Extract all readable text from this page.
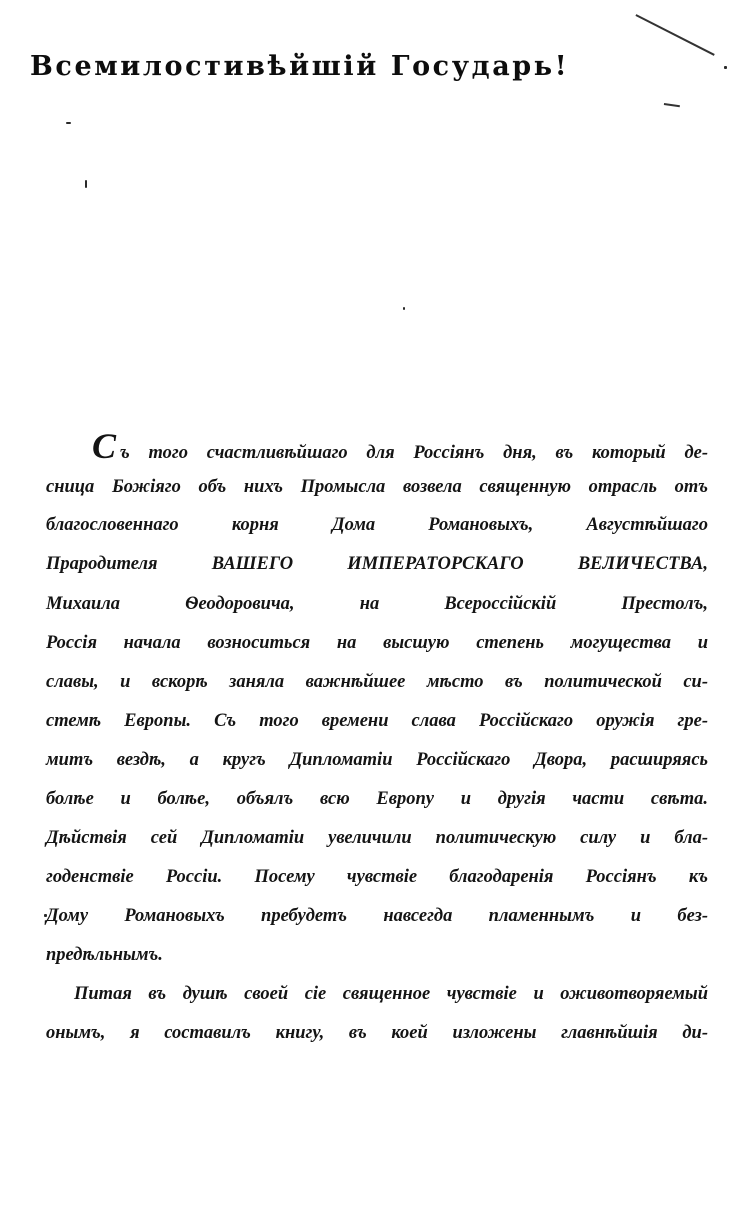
Всемилостивѣйшій Государь!
Съ того счастливѣйшаго для Россіянъ дня, въ который де-
сница Божіяго объ нихъ Промысла возвела священную отрасль отъ
благословеннаго корня Дома Романовыхъ, Августѣйшаго
Прародителя ВАШЕГО ИМПЕРАТОРСКАГО ВЕЛИЧЕСТВА,
Михаила Ѳеодоровича, на Всероссійскій Престолъ,
Россія начала возноситься на высшую степень могущества и
славы, и вскорѣ заняла важнѣйшее мѣсто въ политической си-
стемѣ Европы. Съ того времени слава Россійскаго оружія гре-
митъ вездѣ, а кругъ Дипломатіи Россійскаго Двора, расширяясь
болѣе и болѣе, объялъ всю Европу и другія части свѣта.
Дѣйствія сей Дипломатіи увеличили политическую силу и бла-
годенствіе Россіи. Посему чувствіе благодаренія Россіянъ къ
Дому Романовыхъ пребудетъ навсегда пламеннымъ и без-
предѣльнымъ.
Питая въ душѣ своей сіе священное чувствіе и оживотворяемый
онымъ, я составилъ книгу, въ коей изложены главнѣйшія ди-
